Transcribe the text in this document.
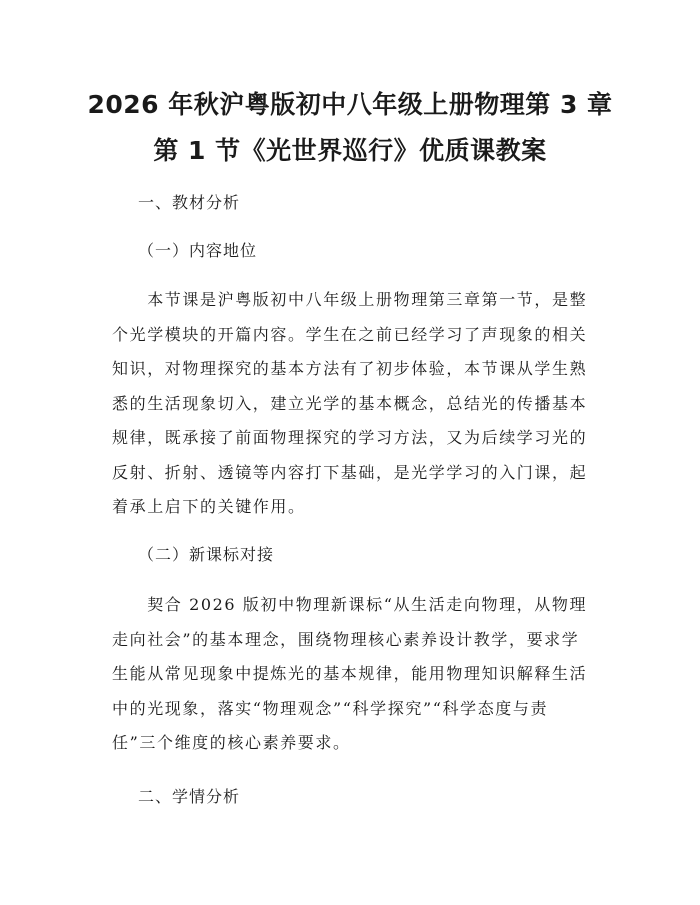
2026 年秋沪粤版初中八年级上册物理第 3 章
第 1 节《光世界巡行》优质课教案
一、教材分析
（一）内容地位
　　本节课是沪粤版初中八年级上册物理第三章第一节，是整
个光学模块的开篇内容。学生在之前已经学习了声现象的相关
知识，对物理探究的基本方法有了初步体验，本节课从学生熟
悉的生活现象切入，建立光学的基本概念，总结光的传播基本
规律，既承接了前面物理探究的学习方法，又为后续学习光的
反射、折射、透镜等内容打下基础，是光学学习的入门课，起
着承上启下的关键作用。
（二）新课标对接
　　契合 2026 版初中物理新课标“从生活走向物理，从物理
走向社会”的基本理念，围绕物理核心素养设计教学，要求学
生能从常见现象中提炼光的基本规律，能用物理知识解释生活
中的光现象，落实“物理观念”“科学探究”“科学态度与责
任”三个维度的核心素养要求。
二、学情分析
